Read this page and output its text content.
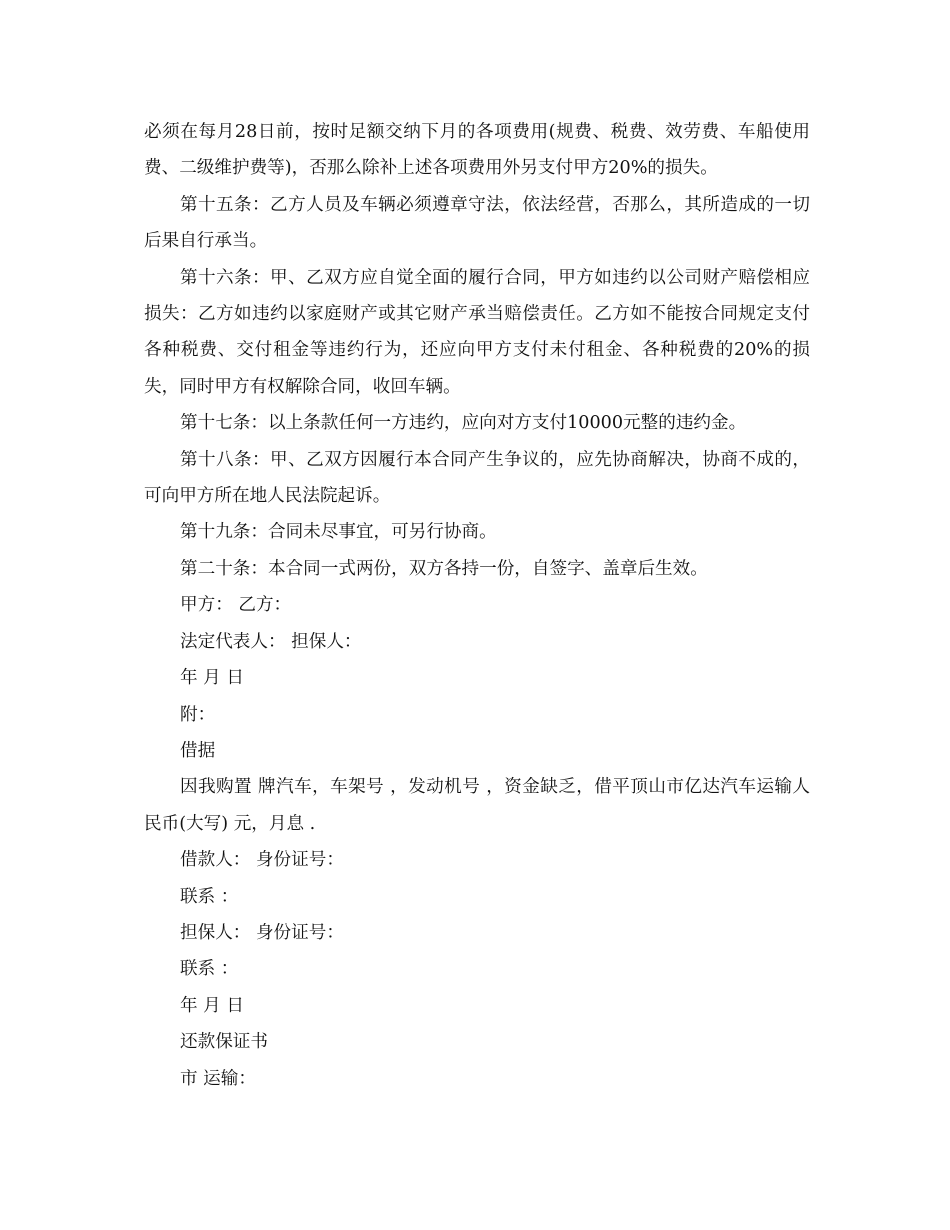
必须在每月28日前，按时足额交纳下月的各项费用(规费、税费、效劳费、车船使用费、二级维护费等)，否那么除补上述各项费用外另支付甲方20%的损失。

第十五条：乙方人员及车辆必须遵章守法，依法经营，否那么，其所造成的一切后果自行承当。

第十六条：甲、乙双方应自觉全面的履行合同，甲方如违约以公司财产赔偿相应损失：乙方如违约以家庭财产或其它财产承当赔偿责任。乙方如不能按合同规定支付各种税费、交付租金等违约行为，还应向甲方支付未付租金、各种税费的20%的损失，同时甲方有权解除合同，收回车辆。

第十七条：以上条款任何一方违约，应向对方支付10000元整的违约金。

第十八条：甲、乙双方因履行本合同产生争议的，应先协商解决，协商不成的，可向甲方所在地人民法院起诉。

第十九条：合同未尽事宜，可另行协商。

第二十条：本合同一式两份，双方各持一份，自签字、盖章后生效。

甲方： 乙方：

法定代表人： 担保人：

年 月 日

附：

借据

因我购置 牌汽车，车架号 ，发动机号 ，资金缺乏，借平顶山市亿达汽车运输人民币(大写) 元，月息 .

借款人： 身份证号：

联系 ：

担保人： 身份证号：

联系 ：

年 月 日

还款保证书

市 运输：
